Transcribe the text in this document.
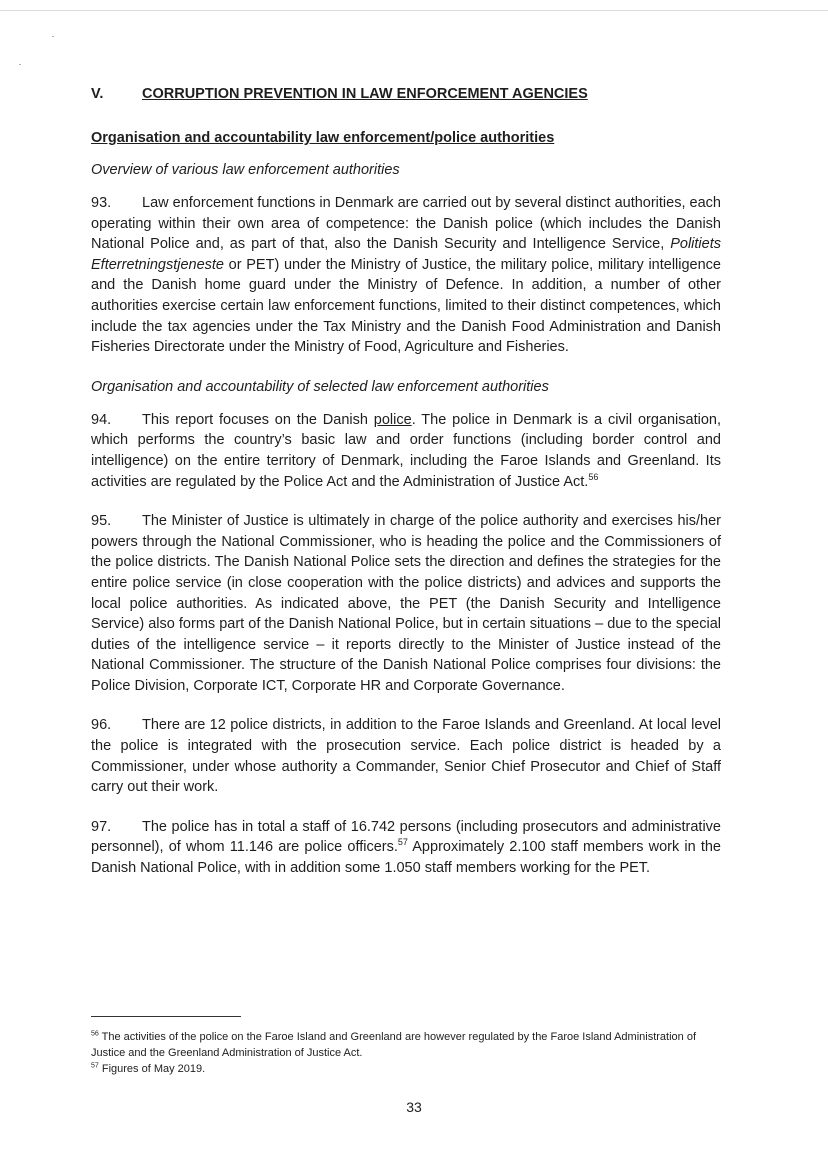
V.	CORRUPTION PREVENTION IN LAW ENFORCEMENT AGENCIES
Organisation and accountability law enforcement/police authorities
Overview of various law enforcement authorities

93. Law enforcement functions in Denmark are carried out by several distinct authorities, each operating within their own area of competence: the Danish police (which includes the Danish National Police and, as part of that, also the Danish Security and Intelligence Service, Politiets Efterretningstjeneste or PET) under the Ministry of Justice, the military police, military intelligence and the Danish home guard under the Ministry of Defence. In addition, a number of other authorities exercise certain law enforcement functions, limited to their distinct competences, which include the tax agencies under the Tax Ministry and the Danish Food Administration and Danish Fisheries Directorate under the Ministry of Food, Agriculture and Fisheries.

Organisation and accountability of selected law enforcement authorities

94. This report focuses on the Danish police. The police in Denmark is a civil organisation, which performs the country’s basic law and order functions (including border control and intelligence) on the entire territory of Denmark, including the Faroe Islands and Greenland. Its activities are regulated by the Police Act and the Administration of Justice Act.$^{56}$

95. The Minister of Justice is ultimately in charge of the police authority and exercises his/her powers through the National Commissioner, who is heading the police and the Commissioners of the police districts. The Danish National Police sets the direction and defines the strategies for the entire police service (in close cooperation with the police districts) and advices and supports the local police authorities. As indicated above, the PET (the Danish Security and Intelligence Service) also forms part of the Danish National Police, but in certain situations – due to the special duties of the intelligence service – it reports directly to the Minister of Justice instead of the National Commissioner. The structure of the Danish National Police comprises four divisions: the Police Division, Corporate ICT, Corporate HR and Corporate Governance.

96. There are 12 police districts, in addition to the Faroe Islands and Greenland. At local level the police is integrated with the prosecution service. Each police district is headed by a Commissioner, under whose authority a Commander, Senior Chief Prosecutor and Chief of Staff carry out their work.

97. The police has in total a staff of 16.742 persons (including prosecutors and administrative personnel), of whom 11.146 are police officers.$^{57}$ Approximately 2.100 staff members work in the Danish National Police, with in addition some 1.050 staff members working for the PET.

$^{56}$ The activities of the police on the Faroe Island and Greenland are however regulated by the Faroe Island Administration of Justice and the Greenland Administration of Justice Act.
$^{57}$ Figures of May 2019.
33
